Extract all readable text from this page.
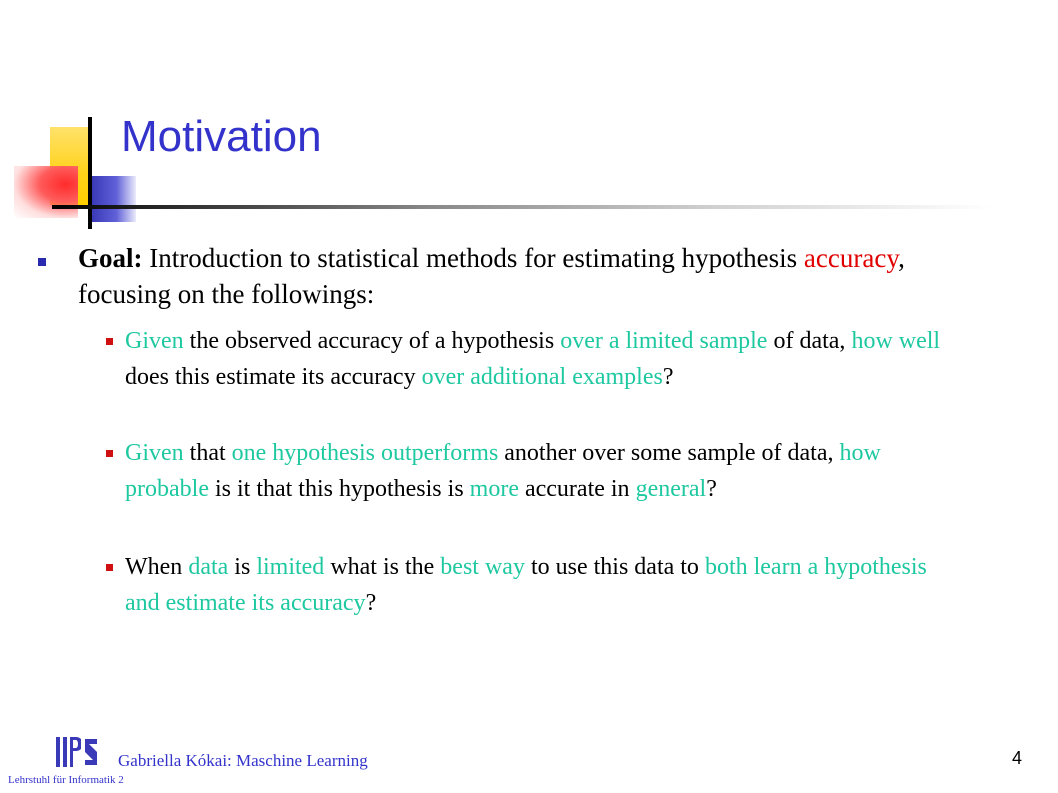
Motivation
Goal: Introduction to statistical methods for estimating hypothesis accuracy, focusing on the followings:
Given the observed accuracy of a hypothesis over a limited sample of data, how well does this estimate its accuracy over additional examples?
Given that one hypothesis outperforms another over some sample of data, how probable is it that this hypothesis is more accurate in general?
When data is limited what is the best way to use this data to both learn a hypothesis and estimate its accuracy?
Gabriella Kókai: Maschine Learning
Lehrstuhl für Informatik 2
4
